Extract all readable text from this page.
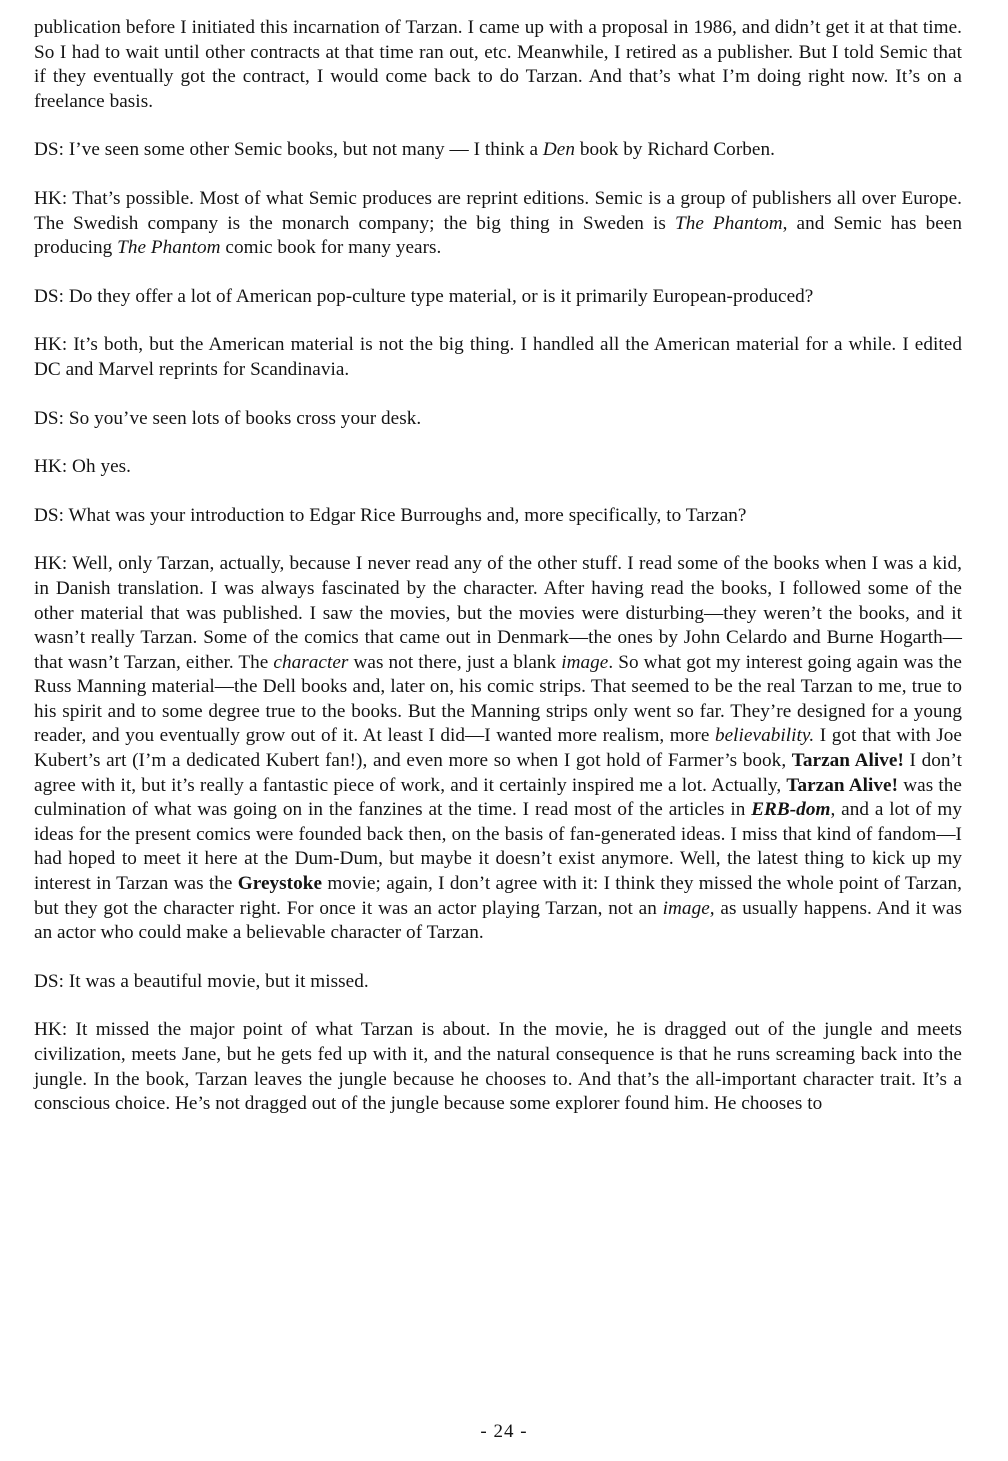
publication before I initiated this incarnation of Tarzan. I came up with a proposal in 1986, and didn’t get it at that time. So I had to wait until other contracts at that time ran out, etc. Meanwhile, I retired as a publisher. But I told Semic that if they eventually got the contract, I would come back to do Tarzan. And that’s what I’m doing right now. It’s on a freelance basis.

DS: I’ve seen some other Semic books, but not many — I think a Den book by Richard Corben.

HK: That’s possible. Most of what Semic produces are reprint editions. Semic is a group of publishers all over Europe. The Swedish company is the monarch company; the big thing in Sweden is The Phantom, and Semic has been producing The Phantom comic book for many years.

DS: Do they offer a lot of American pop-culture type material, or is it primarily European-produced?

HK: It’s both, but the American material is not the big thing. I handled all the American material for a while. I edited DC and Marvel reprints for Scandinavia.

DS: So you’ve seen lots of books cross your desk.

HK: Oh yes.

DS: What was your introduction to Edgar Rice Burroughs and, more specifically, to Tarzan?

HK: Well, only Tarzan, actually, because I never read any of the other stuff. I read some of the books when I was a kid, in Danish translation. I was always fascinated by the character. After having read the books, I followed some of the other material that was published. I saw the movies, but the movies were disturbing—they weren’t the books, and it wasn’t really Tarzan. Some of the comics that came out in Denmark—the ones by John Celardo and Burne Hogarth—that wasn’t Tarzan, either. The character was not there, just a blank image. So what got my interest going again was the Russ Manning material—the Dell books and, later on, his comic strips. That seemed to be the real Tarzan to me, true to his spirit and to some degree true to the books. But the Manning strips only went so far. They’re designed for a young reader, and you eventually grow out of it. At least I did—I wanted more realism, more believability. I got that with Joe Kubert’s art (I’m a dedicated Kubert fan!), and even more so when I got hold of Farmer’s book, Tarzan Alive! I don’t agree with it, but it’s really a fantastic piece of work, and it certainly inspired me a lot. Actually, Tarzan Alive! was the culmination of what was going on in the fanzines at the time. I read most of the articles in ERB-dom, and a lot of my ideas for the present comics were founded back then, on the basis of fan-generated ideas. I miss that kind of fandom—I had hoped to meet it here at the Dum-Dum, but maybe it doesn’t exist anymore. Well, the latest thing to kick up my interest in Tarzan was the Greystoke movie; again, I don’t agree with it: I think they missed the whole point of Tarzan, but they got the character right. For once it was an actor playing Tarzan, not an image, as usually happens. And it was an actor who could make a believable character of Tarzan.

DS: It was a beautiful movie, but it missed.

HK: It missed the major point of what Tarzan is about. In the movie, he is dragged out of the jungle and meets civilization, meets Jane, but he gets fed up with it, and the natural consequence is that he runs screaming back into the jungle. In the book, Tarzan leaves the jungle because he chooses to. And that’s the all-important character trait. It’s a conscious choice. He’s not dragged out of the jungle because some explorer found him. He chooses to

- 24 -
